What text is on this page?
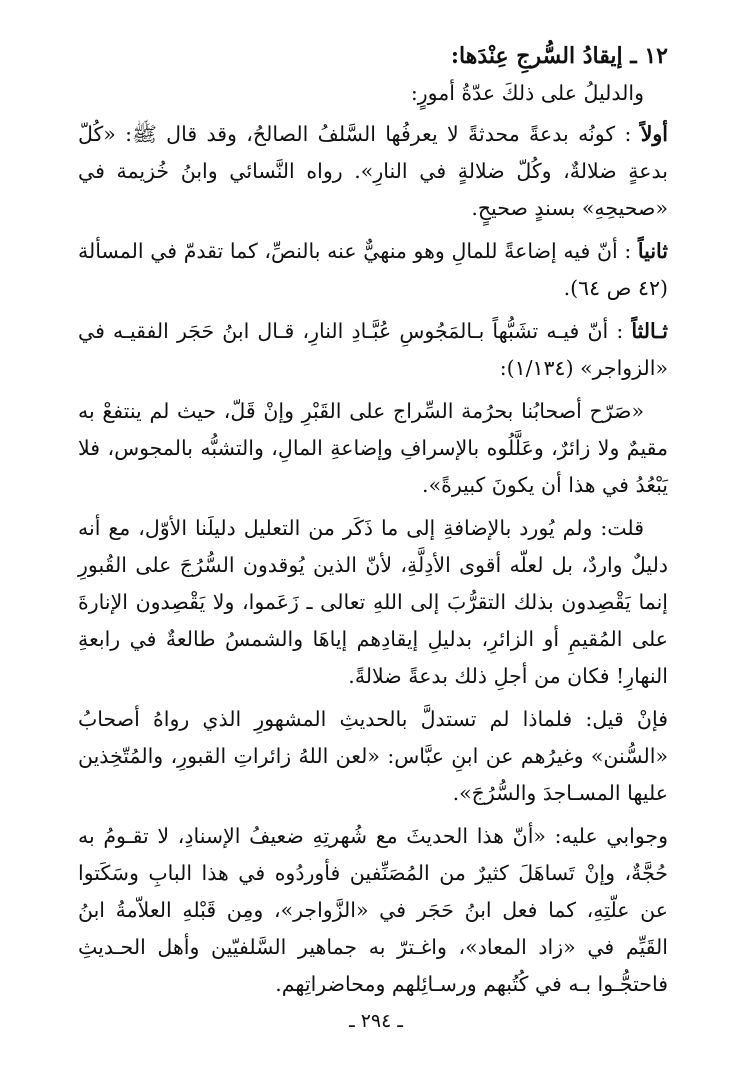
١٢ ـ إيقادُ السُّرجِ عِنْدَها:

والدليلُ على ذلكَ عدّةُ أمورٍ:

أولاً : كونُه بدعةً محدثةً لا يعرفُها السَّلفُ الصالحُ، وقد قال ﷺ: «كُلّ بدعةٍ ضلالةٌ، وكُلّ ضلالةٍ في النارِ». رواه النَّسائي وابنُ خُزيمة في «صحيحِهِ» بسندٍ صحيحٍ.

ثانياً : أنّ فيه إضاعةً للمالِ وهو منهيٌّ عنه بالنصِّ، كما تقدمّ في المسألة (٤٢ ص ٦٤).

ثـالثاً : أنّ فيـه تشَبُّهاً بـالمَجُوسِ عُبَّـادِ النارِ، قـال ابنُ حَجَر الفقيـه في «الزواجر» (١/١٣٤):

«صَرّح أصحابُنا بحرُمة السِّراج على القَبْرِ وإنْ قَلّ، حيث لم ينتفعْ به مقيمٌ ولا زائرٌ، وعَلَّلُوه بالإسرافِ وإضاعةِ المالِ، والتشبُّه بالمجوس، فلا يَبْعُدُ في هذا أن يكونَ كبيرةً».

قلت: ولم يُورد بالإضافةِ إلى ما ذَكَر من التعليل دليلَنا الأوّل، مع أنه دليلٌ واردٌ، بل لعلّه أقوى الأدِلَّةِ، لأنّ الذين يُوقدون السُّرُجَ على القُبورِ إنما يَقْصِدون بذلك التقرُّبَ إلى اللهِ تعالى ـ زَعَموا، ولا يَقْصِدون الإنارةَ على المُقيمِ أو الزائرِ، بدليلِ إيقادِهم إياهَا والشمسُ طالعةٌ في رابعةِ النهارِ! فكان من أجلِ ذلك بدعةً ضلالةً.

فإنْ قيل: فلماذا لم تستدلَّ بالحديثِ المشهورِ الذي رواهُ أصحابُ «السُّنن» وغيرُهم عن ابنِ عبَّاس: «لعن اللهُ زائراتِ القبورِ، والمُتّخِذين عليها المسـاجدَ والسُّرُجَ».

وجوابي عليه: «أنّ هذا الحديثَ مع شُهرتِهِ ضعيفُ الإسنادِ، لا تقـومُ به حُجَّةٌ، وإنْ تَساهَلَ كثيرٌ من المُصَنِّفين فأوردُوه في هذا البابِ وسَكَتوا عن علّتِهِ، كما فعل ابنُ حَجَر في «الزَّواجر»، ومِن قَبْلهِ العلاّمةُ ابنُ القَيِّم في «زاد المعاد»، واغـترّ به جماهير السَّلفيّين وأهل الحـديثِ فاحتجُّـوا بـه في كُتُبهم ورسـائِلهم ومحاضراتِهم.

ـ ٢٩٤ ـ
